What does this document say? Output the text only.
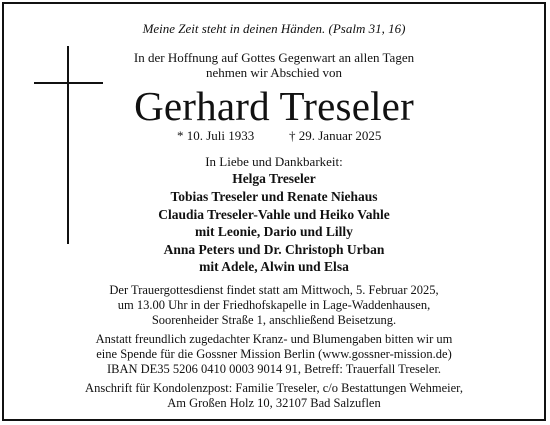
Meine Zeit steht in deinen Händen. (Psalm 31, 16)
In der Hoffnung auf Gottes Gegenwart an allen Tagen
nehmen wir Abschied von
Gerhard Treseler
* 10. Juli 1933	† 29. Januar 2025
In Liebe und Dankbarkeit:
Helga Treseler
Tobias Treseler und Renate Niehaus
Claudia Treseler-Vahle und Heiko Vahle
mit Leonie, Dario und Lilly
Anna Peters und Dr. Christoph Urban
mit Adele, Alwin und Elsa
Der Trauergottesdienst findet statt am Mittwoch, 5. Februar 2025,
um 13.00 Uhr in der Friedhofskapelle in Lage-Waddenhausen,
Soorenheider Straße 1, anschließend Beisetzung.
Anstatt freundlich zugedachter Kranz- und Blumengaben bitten wir um
eine Spende für die Gossner Mission Berlin (www.gossner-mission.de)
IBAN DE35 5206 0410 0003 9014 91, Betreff: Trauerfall Treseler.
Anschrift für Kondolenzpost: Familie Treseler, c/o Bestattungen Wehmeier,
Am Großen Holz 10, 32107 Bad Salzuflen
